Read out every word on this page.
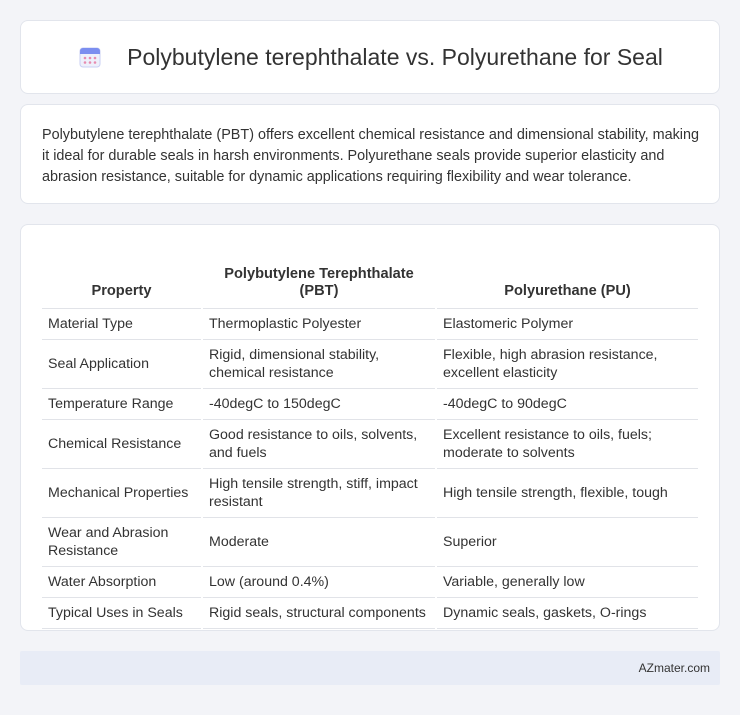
Polybutylene terephthalate vs. Polyurethane for Seal

Polybutylene terephthalate (PBT) offers excellent chemical resistance and dimensional stability, making it ideal for durable seals in harsh environments. Polyurethane seals provide superior elasticity and abrasion resistance, suitable for dynamic applications requiring flexibility and wear tolerance.

Property	Polybutylene Terephthalate (PBT)	Polyurethane (PU)
Material Type	Thermoplastic Polyester	Elastomeric Polymer
Seal Application	Rigid, dimensional stability, chemical resistance	Flexible, high abrasion resistance, excellent elasticity
Temperature Range	-40degC to 150degC	-40degC to 90degC
Chemical Resistance	Good resistance to oils, solvents, and fuels	Excellent resistance to oils, fuels; moderate to solvents
Mechanical Properties	High tensile strength, stiff, impact resistant	High tensile strength, flexible, tough
Wear and Abrasion Resistance	Moderate	Superior
Water Absorption	Low (around 0.4%)	Variable, generally low
Typical Uses in Seals	Rigid seals, structural components	Dynamic seals, gaskets, O-rings
AZmater.com
